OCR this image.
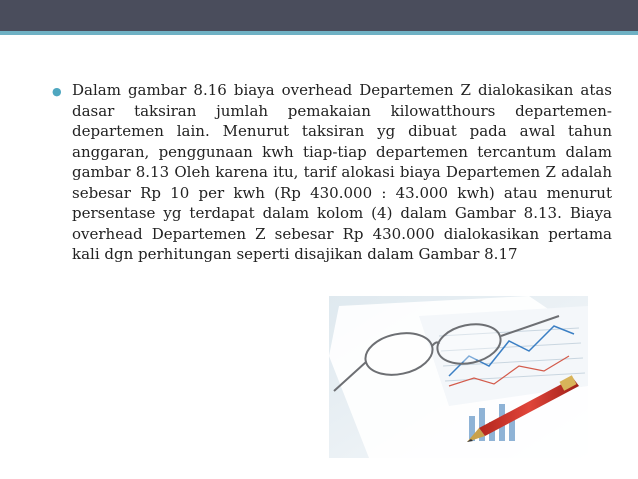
● Dalam gambar 8.16 biaya overhead Departemen Z dialokasikan atas dasar taksiran jumlah pemakaian kilowatthours departemen-departemen lain. Menurut taksiran yg dibuat pada awal tahun anggaran, penggunaan kwh tiap-tiap departemen tercantum dalam gambar 8.13 Oleh karena itu, tarif alokasi biaya Departemen Z adalah sebesar Rp 10 per kwh (Rp 430.000 : 43.000 kwh) atau menurut persentase yg terdapat dalam kolom (4) dalam Gambar 8.13. Biaya overhead Departemen Z sebesar Rp 430.000 dialokasikan pertama kali dgn perhitungan seperti disajikan dalam Gambar 8.17
